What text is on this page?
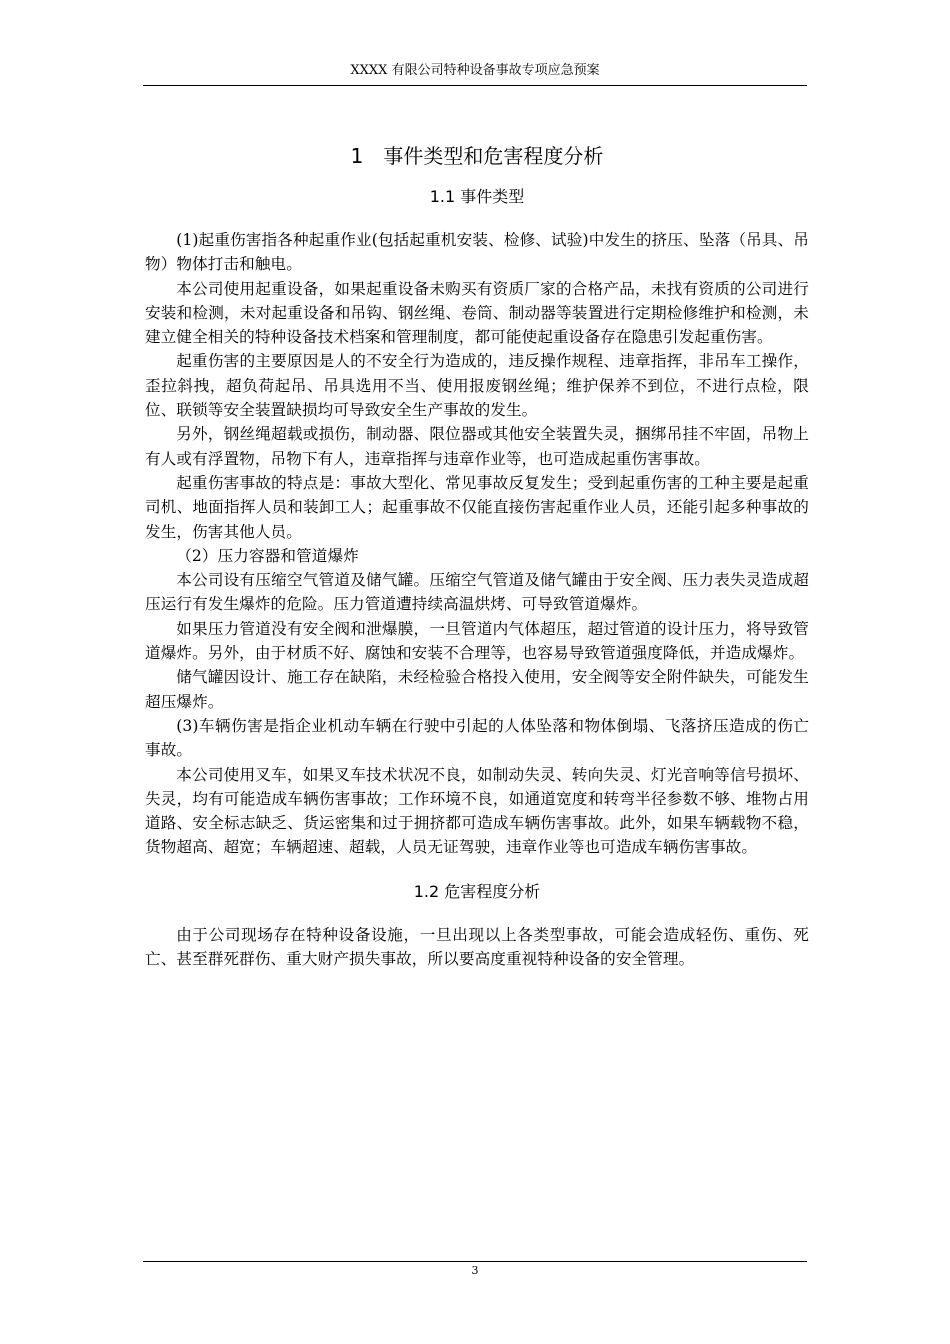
XXXX 有限公司特种设备事故专项应急预案
1　事件类型和危害程度分析
1.1 事件类型

(1)起重伤害指各种起重作业(包括起重机安装、检修、试验)中发生的挤压、坠落（吊具、吊物）物体打击和触电。

本公司使用起重设备，如果起重设备未购买有资质厂家的合格产品，未找有资质的公司进行安装和检测，未对起重设备和吊钩、钢丝绳、卷筒、制动器等装置进行定期检修维护和检测，未建立健全相关的特种设备技术档案和管理制度，都可能使起重设备存在隐患引发起重伤害。

起重伤害的主要原因是人的不安全行为造成的，违反操作规程、违章指挥，非吊车工操作，歪拉斜拽，超负荷起吊、吊具选用不当、使用报废钢丝绳；维护保养不到位，不进行点检，限位、联锁等安全装置缺损均可导致安全生产事故的发生。

另外，钢丝绳超载或损伤，制动器、限位器或其他安全装置失灵，捆绑吊挂不牢固，吊物上有人或有浮置物，吊物下有人，违章指挥与违章作业等，也可造成起重伤害事故。

起重伤害事故的特点是：事故大型化、常见事故反复发生；受到起重伤害的工种主要是起重司机、地面指挥人员和装卸工人；起重事故不仅能直接伤害起重作业人员，还能引起多种事故的发生，伤害其他人员。

（2）压力容器和管道爆炸

本公司设有压缩空气管道及储气罐。压缩空气管道及储气罐由于安全阀、压力表失灵造成超压运行有发生爆炸的危险。压力管道遭持续高温烘烤、可导致管道爆炸。

如果压力管道没有安全阀和泄爆膜，一旦管道内气体超压，超过管道的设计压力，将导致管道爆炸。另外，由于材质不好、腐蚀和安装不合理等，也容易导致管道强度降低，并造成爆炸。

储气罐因设计、施工存在缺陷，未经检验合格投入使用，安全阀等安全附件缺失，可能发生超压爆炸。

(3)车辆伤害是指企业机动车辆在行驶中引起的人体坠落和物体倒塌、飞落挤压造成的伤亡事故。

本公司使用叉车，如果叉车技术状况不良，如制动失灵、转向失灵、灯光音响等信号损坏、失灵，均有可能造成车辆伤害事故；工作环境不良，如通道宽度和转弯半径参数不够、堆物占用道路、安全标志缺乏、货运密集和过于拥挤都可造成车辆伤害事故。此外，如果车辆载物不稳，货物超高、超宽；车辆超速、超载，人员无证驾驶，违章作业等也可造成车辆伤害事故。

1.2 危害程度分析

由于公司现场存在特种设备设施，一旦出现以上各类型事故，可能会造成轻伤、重伤、死亡、甚至群死群伤、重大财产损失事故，所以要高度重视特种设备的安全管理。

3
